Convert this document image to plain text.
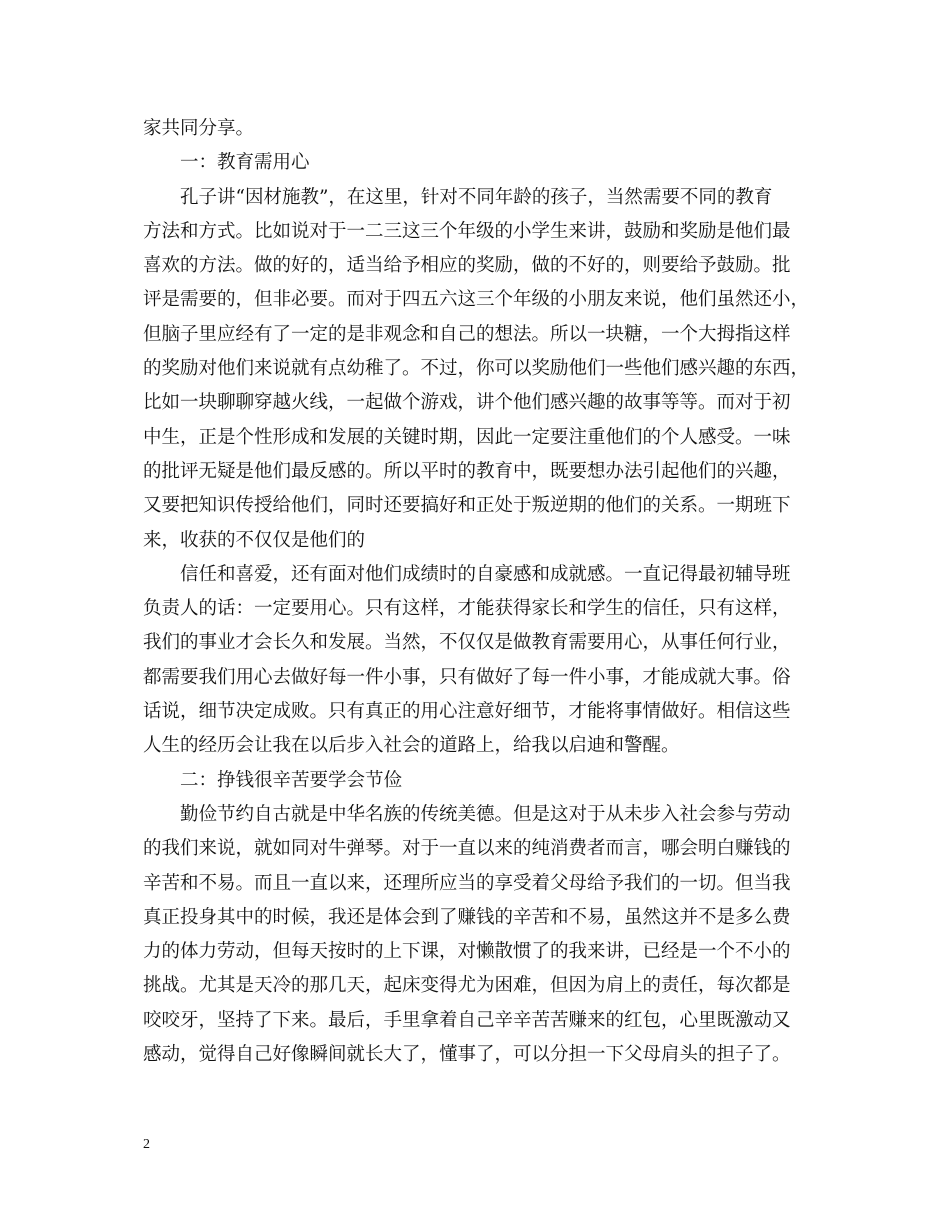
家共同分享。
一：教育需用心
孔子讲“因材施教”，在这里，针对不同年龄的孩子，当然需要不同的教育
方法和方式。比如说对于一二三这三个年级的小学生来讲，鼓励和奖励是他们最
喜欢的方法。做的好的，适当给予相应的奖励，做的不好的，则要给予鼓励。批
评是需要的，但非必要。而对于四五六这三个年级的小朋友来说，他们虽然还小，
但脑子里应经有了一定的是非观念和自己的想法。所以一块糖，一个大拇指这样
的奖励对他们来说就有点幼稚了。不过，你可以奖励他们一些他们感兴趣的东西，
比如一块聊聊穿越火线，一起做个游戏，讲个他们感兴趣的故事等等。而对于初
中生，正是个性形成和发展的关键时期，因此一定要注重他们的个人感受。一味
的批评无疑是他们最反感的。所以平时的教育中，既要想办法引起他们的兴趣，
又要把知识传授给他们，同时还要搞好和正处于叛逆期的他们的关系。一期班下
来，收获的不仅仅是他们的
信任和喜爱，还有面对他们成绩时的自豪感和成就感。一直记得最初辅导班
负责人的话：一定要用心。只有这样，才能获得家长和学生的信任，只有这样，
我们的事业才会长久和发展。当然，不仅仅是做教育需要用心，从事任何行业，
都需要我们用心去做好每一件小事，只有做好了每一件小事，才能成就大事。俗
话说，细节决定成败。只有真正的用心注意好细节，才能将事情做好。相信这些
人生的经历会让我在以后步入社会的道路上，给我以启迪和警醒。
二：挣钱很辛苦要学会节俭
勤俭节约自古就是中华名族的传统美德。但是这对于从未步入社会参与劳动
的我们来说，就如同对牛弹琴。对于一直以来的纯消费者而言，哪会明白赚钱的
辛苦和不易。而且一直以来，还理所应当的享受着父母给予我们的一切。但当我
真正投身其中的时候，我还是体会到了赚钱的辛苦和不易，虽然这并不是多么费
力的体力劳动，但每天按时的上下课，对懒散惯了的我来讲，已经是一个不小的
挑战。尤其是天冷的那几天，起床变得尤为困难，但因为肩上的责任，每次都是
咬咬牙，坚持了下来。最后，手里拿着自己辛辛苦苦赚来的红包，心里既激动又
感动，觉得自己好像瞬间就长大了，懂事了，可以分担一下父母肩头的担子了。
2
